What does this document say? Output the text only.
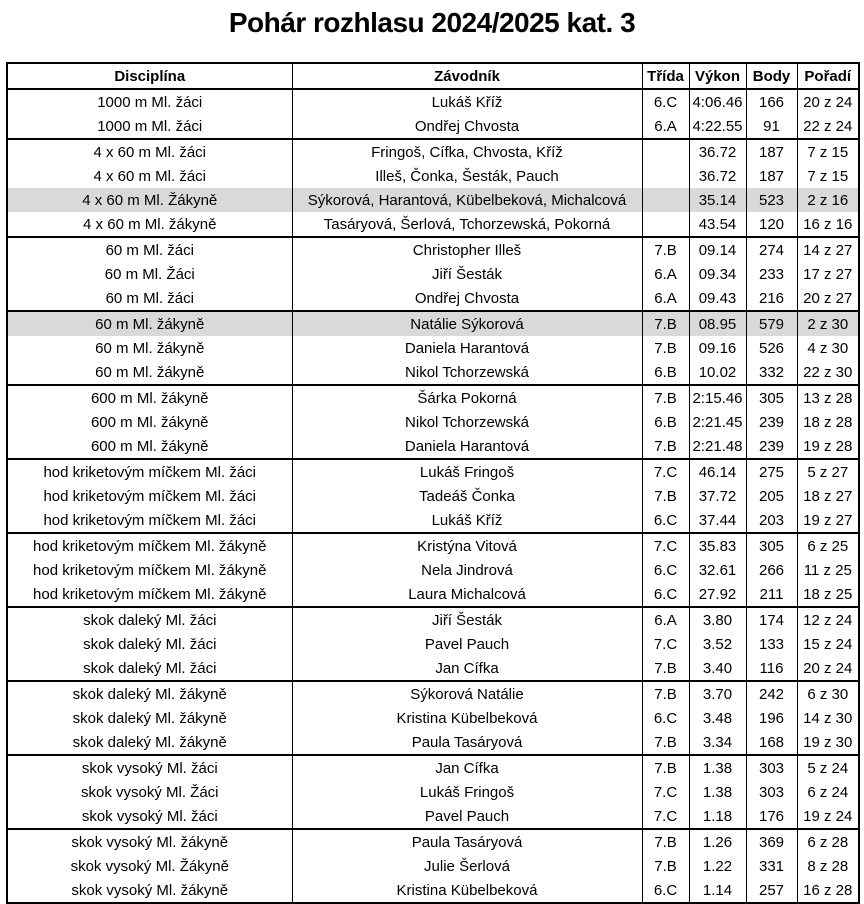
Pohár rozhlasu 2024/2025 kat. 3
Disciplína	Závodník	Třída	Výkon	Body	Pořadí
1000 m Ml. žáci	Lukáš Kříž	6.C	4:06.46	166	20 z 24
1000 m Ml. žáci	Ondřej Chvosta	6.A	4:22.55	91	22 z 24
4 x 60 m Ml. žáci	Fringoš, Cífka, Chvosta, Kříž		36.72	187	7 z 15
4 x 60 m Ml. žáci	Illeš, Čonka, Šesták, Pauch		36.72	187	7 z 15
4 x 60 m Ml. Žákyně	Sýkorová, Harantová, Kübelbeková, Michalcová		35.14	523	2 z 16
4 x 60 m Ml. žákyně	Tasáryová, Šerlová, Tchorzewská, Pokorná		43.54	120	16 z 16
60 m Ml. žáci	Christopher Illeš	7.B	09.14	274	14 z 27
60 m Ml. Žáci	Jiří Šesták	6.A	09.34	233	17 z 27
60 m Ml. žáci	Ondřej Chvosta	6.A	09.43	216	20 z 27
60 m Ml. žákyně	Natálie Sýkorová	7.B	08.95	579	2 z 30
60 m Ml. žákyně	Daniela Harantová	7.B	09.16	526	4 z 30
60 m Ml. žákyně	Nikol Tchorzewská	6.B	10.02	332	22 z 30
600 m Ml. žákyně	Šárka Pokorná	7.B	2:15.46	305	13 z 28
600 m Ml. žákyně	Nikol Tchorzewská	6.B	2:21.45	239	18 z 28
600 m Ml. žákyně	Daniela Harantová	7.B	2:21.48	239	19 z 28
hod kriketovým míčkem Ml. žáci	Lukáš Fringoš	7.C	46.14	275	5 z 27
hod kriketovým míčkem Ml. žáci	Tadeáš Čonka	7.B	37.72	205	18 z 27
hod kriketovým míčkem Ml. žáci	Lukáš Kříž	6.C	37.44	203	19 z 27
hod kriketovým míčkem Ml. žákyně	Kristýna Vitová	7.C	35.83	305	6 z 25
hod kriketovým míčkem Ml. žákyně	Nela Jindrová	6.C	32.61	266	11 z 25
hod kriketovým míčkem Ml. žákyně	Laura Michalcová	6.C	27.92	211	18 z 25
skok daleký Ml. žáci	Jiří Šesták	6.A	3.80	174	12 z 24
skok daleký Ml. žáci	Pavel Pauch	7.C	3.52	133	15 z 24
skok daleký Ml. žáci	Jan Cífka	7.B	3.40	116	20 z 24
skok daleký Ml. žákyně	Sýkorová Natálie	7.B	3.70	242	6 z 30
skok daleký Ml. žákyně	Kristina Kübelbeková	6.C	3.48	196	14 z 30
skok daleký Ml. žákyně	Paula Tasáryová	7.B	3.34	168	19 z 30
skok vysoký Ml. žáci	Jan Cífka	7.B	1.38	303	5 z 24
skok vysoký Ml. Žáci	Lukáš Fringoš	7.C	1.38	303	6 z 24
skok vysoký Ml. žáci	Pavel Pauch	7.C	1.18	176	19 z 24
skok vysoký Ml. žákyně	Paula Tasáryová	7.B	1.26	369	6 z 28
skok vysoký Ml. Žákyně	Julie Šerlová	7.B	1.22	331	8 z 28
skok vysoký Ml. žákyně	Kristina Kübelbeková	6.C	1.14	257	16 z 28
